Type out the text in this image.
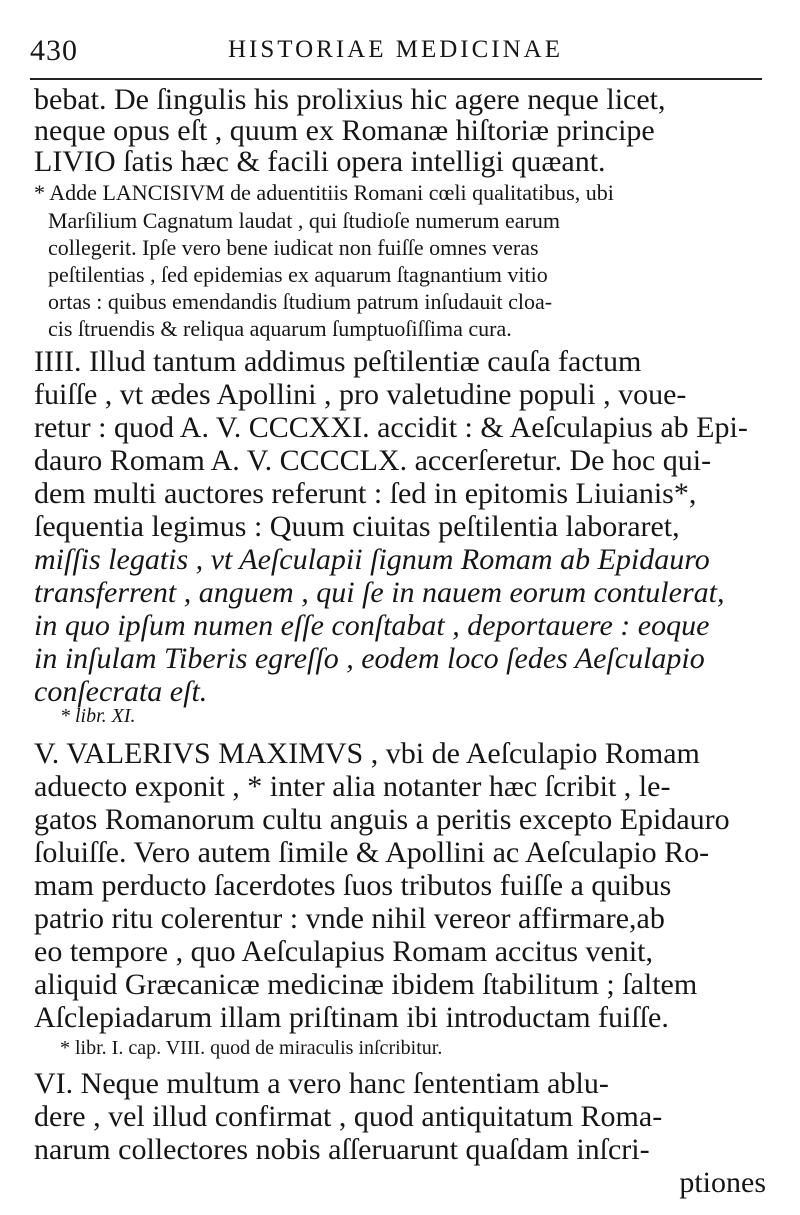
430	HISTORIAE MEDICINAE
bebat. De ſingulis his prolixius hic agere neque licet,
neque opus eſt , quum ex Romanæ hiſtoriæ principe
LIVIO ſatis hæc & facili opera intelligi quæant.
* Adde LANCISIVM de aduentitiis Romani cœli qualitatibus, ubi
Marſilium Cagnatum laudat , qui ſtudioſe numerum earum
collegerit. Ipſe vero bene iudicat non fuiſſe omnes veras
peſtilentias , ſed epidemias ex aquarum ſtagnantium vitio
ortas : quibus emendandis ſtudium patrum inſudauit cloa-
cis ſtruendis & reliqua aquarum ſumptuoſiſſima cura.
IIII. Illud tantum addimus peſtilentiæ cauſa factum
fuiſſe , vt ædes Apollini , pro valetudine populi , voue-
retur : quod A. V. CCCXXI. accidit : & Aeſculapius ab Epi-
dauro Romam A. V. CCCCLX. accerſeretur. De hoc qui-
dem multi auctores referunt : ſed in epitomis Liuianis*,
ſequentia legimus : Quum ciuitas peſtilentia laboraret,
miſſis legatis , vt Aeſculapii ſignum Romam ab Epidauro
transferrent , anguem , qui ſe in nauem eorum contulerat,
in quo ipſum numen eſſe conſtabat , deportauere : eoque
in inſulam Tiberis egreſſo , eodem loco ſedes Aeſculapio
conſecrata eſt.
* libr. XI.
V. VALERIVS MAXIMVS , vbi de Aeſculapio Romam
aduecto exponit , * inter alia notanter hæc ſcribit , le-
gatos Romanorum cultu anguis a peritis excepto Epidauro
ſoluiſſe. Vero autem ſimile & Apollini ac Aeſculapio Ro-
mam perducto ſacerdotes ſuos tributos fuiſſe a quibus
patrio ritu colerentur : vnde nihil vereor affirmare,ab
eo tempore , quo Aeſculapius Romam accitus venit,
aliquid Græcanicæ medicinæ ibidem ſtabilitum ; ſaltem
Aſclepiadarum illam priſtinam ibi introductam fuiſſe.
* libr. I. cap. VIII. quod de miraculis inſcribitur.
VI. Neque multum a vero hanc ſententiam ablu-
dere , vel illud confirmat , quod antiquitatum Roma-
narum collectores nobis aſſeruarunt quaſdam inſcri-
ptiones
